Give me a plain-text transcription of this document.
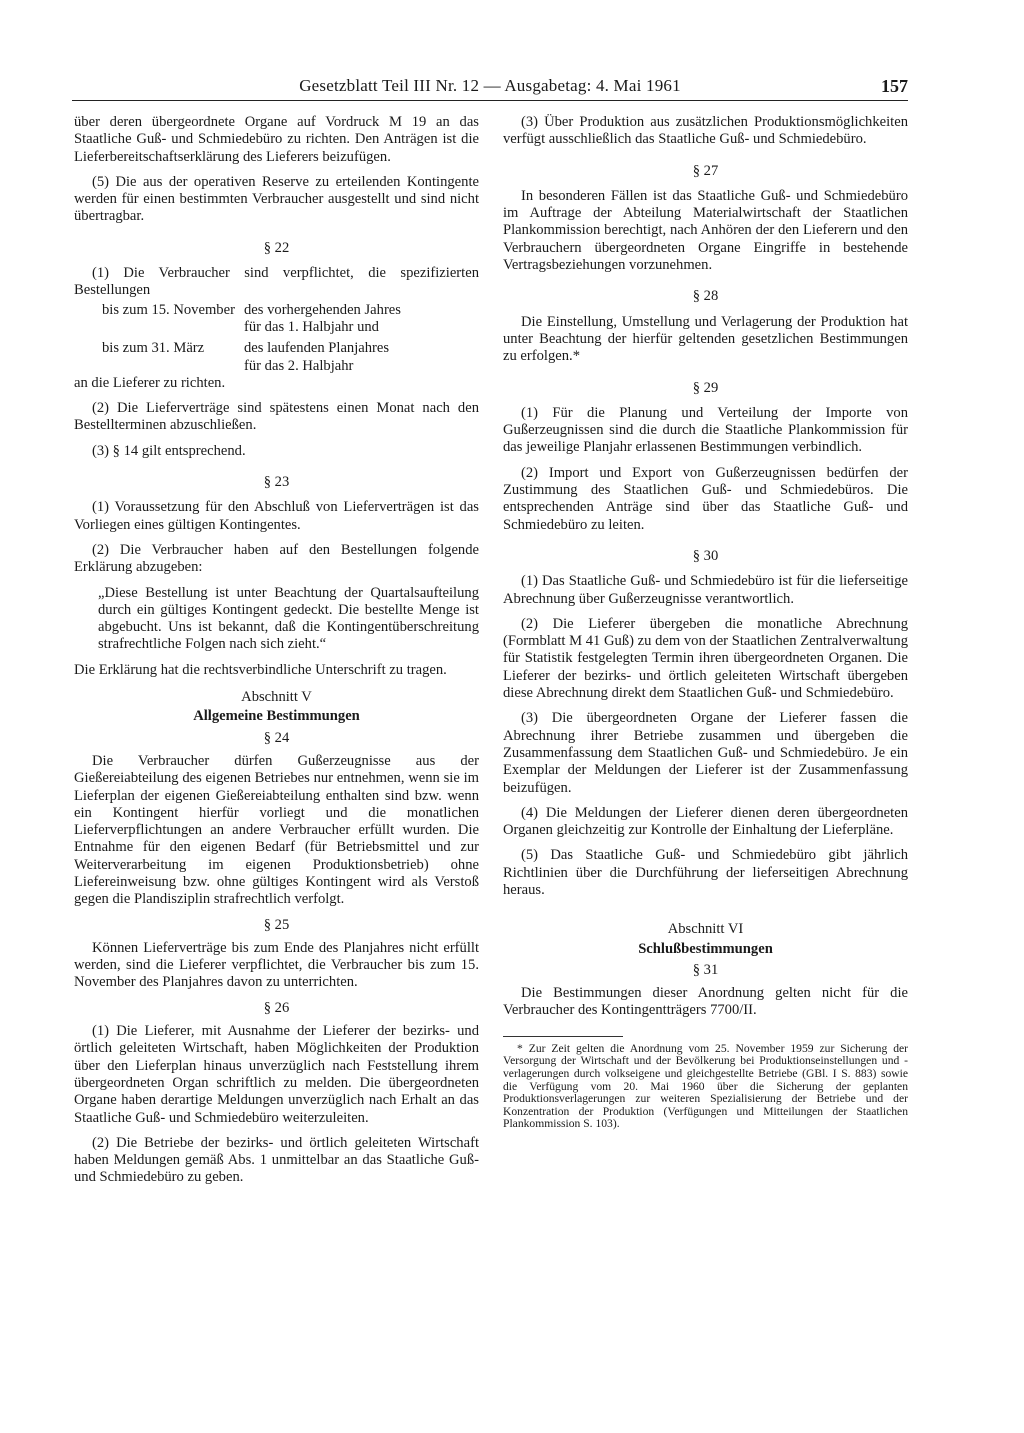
Gesetzblatt Teil III Nr. 12 — Ausgabetag: 4. Mai 1961	157

über deren übergeordnete Organe auf Vordruck M 19 an das Staatliche Guß- und Schmiedebüro zu richten. Den Anträgen ist die Lieferbereitschaftserklärung des Lieferers beizufügen.

(5) Die aus der operativen Reserve zu erteilenden Kontingente werden für einen bestimmten Verbraucher ausgestellt und sind nicht übertragbar.

§ 22

(1) Die Verbraucher sind verpflichtet, die spezifizierten Bestellungen

bis zum 15. November des vorhergehenden Jahres
für das 1. Halbjahr und
bis zum 31. März	des laufenden Planjahres
für das 2. Halbjahr

an die Lieferer zu richten.

(2) Die Lieferverträge sind spätestens einen Monat nach den Bestellterminen abzuschließen.

(3) § 14 gilt entsprechend.

§ 23

(1) Voraussetzung für den Abschluß von Lieferverträgen ist das Vorliegen eines gültigen Kontingentes.

(2) Die Verbraucher haben auf den Bestellungen folgende Erklärung abzugeben:

„Diese Bestellung ist unter Beachtung der Quartalsaufteilung durch ein gültiges Kontingent gedeckt. Die bestellte Menge ist abgebucht. Uns ist bekannt, daß die Kontingentüberschreitung strafrechtliche Folgen nach sich zieht.“

Die Erklärung hat die rechtsverbindliche Unterschrift zu tragen.

Abschnitt V
Allgemeine Bestimmungen
§ 24

Die Verbraucher dürfen Gußerzeugnisse aus der Gießereiabteilung des eigenen Betriebes nur entnehmen, wenn sie im Lieferplan der eigenen Gießereiabteilung enthalten sind bzw. wenn ein Kontingent hierfür vorliegt und die monatlichen Lieferverpflichtungen an andere Verbraucher erfüllt wurden. Die Entnahme für den eigenen Bedarf (für Betriebsmittel und zur Weiterverarbeitung im eigenen Produktionsbetrieb) ohne Liefereinweisung bzw. ohne gültiges Kontingent wird als Verstoß gegen die Plandisziplin strafrechtlich verfolgt.

§ 25

Können Lieferverträge bis zum Ende des Planjahres nicht erfüllt werden, sind die Lieferer verpflichtet, die Verbraucher bis zum 15. November des Planjahres davon zu unterrichten.

§ 26

(1) Die Lieferer, mit Ausnahme der Lieferer der bezirks- und örtlich geleiteten Wirtschaft, haben Möglichkeiten der Produktion über den Lieferplan hinaus unverzüglich nach Feststellung ihrem übergeordneten Organ schriftlich zu melden. Die übergeordneten Organe haben derartige Meldungen unverzüglich nach Erhalt an das Staatliche Guß- und Schmiedebüro weiterzuleiten.

(2) Die Betriebe der bezirks- und örtlich geleiteten Wirtschaft haben Meldungen gemäß Abs. 1 unmittelbar an das Staatliche Guß- und Schmiedebüro zu geben.

(3) Über Produktion aus zusätzlichen Produktionsmöglichkeiten verfügt ausschließlich das Staatliche Guß- und Schmiedebüro.

§ 27

In besonderen Fällen ist das Staatliche Guß- und Schmiedebüro im Auftrage der Abteilung Materialwirtschaft der Staatlichen Plankommission berechtigt, nach Anhören der den Lieferern und den Verbrauchern übergeordneten Organe Eingriffe in bestehende Vertragsbeziehungen vorzunehmen.

§ 28

Die Einstellung, Umstellung und Verlagerung der Produktion hat unter Beachtung der hierfür geltenden gesetzlichen Bestimmungen zu erfolgen.*

§ 29

(1) Für die Planung und Verteilung der Importe von Gußerzeugnissen sind die durch die Staatliche Plankommission für das jeweilige Planjahr erlassenen Bestimmungen verbindlich.

(2) Import und Export von Gußerzeugnissen bedürfen der Zustimmung des Staatlichen Guß- und Schmiedebüros. Die entsprechenden Anträge sind über das Staatliche Guß- und Schmiedebüro zu leiten.

§ 30

(1) Das Staatliche Guß- und Schmiedebüro ist für die lieferseitige Abrechnung über Gußerzeugnisse verantwortlich.

(2) Die Lieferer übergeben die monatliche Abrechnung (Formblatt M 41 Guß) zu dem von der Staatlichen Zentralverwaltung für Statistik festgelegten Termin ihren übergeordneten Organen. Die Lieferer der bezirks- und örtlich geleiteten Wirtschaft übergeben diese Abrechnung direkt dem Staatlichen Guß- und Schmiedebüro.

(3) Die übergeordneten Organe der Lieferer fassen die Abrechnung ihrer Betriebe zusammen und übergeben die Zusammenfassung dem Staatlichen Guß- und Schmiedebüro. Je ein Exemplar der Meldungen der Lieferer ist der Zusammenfassung beizufügen.

(4) Die Meldungen der Lieferer dienen deren übergeordneten Organen gleichzeitig zur Kontrolle der Einhaltung der Lieferpläne.

(5) Das Staatliche Guß- und Schmiedebüro gibt jährlich Richtlinien über die Durchführung der lieferseitigen Abrechnung heraus.

Abschnitt VI
Schlußbestimmungen
§ 31

Die Bestimmungen dieser Anordnung gelten nicht für die Verbraucher des Kontingentträgers 7700/II.

* Zur Zeit gelten die Anordnung vom 25. November 1959 zur Sicherung der Versorgung der Wirtschaft und der Bevölkerung bei Produktionseinstellungen und -verlagerungen durch volkseigene und gleichgestellte Betriebe (GBl. I S. 883) sowie die Verfügung vom 20. Mai 1960 über die Sicherung der geplanten Produktionsverlagerungen zur weiteren Spezialisierung der Betriebe und der Konzentration der Produktion (Verfügungen und Mitteilungen der Staatlichen Plankommission S. 103).
